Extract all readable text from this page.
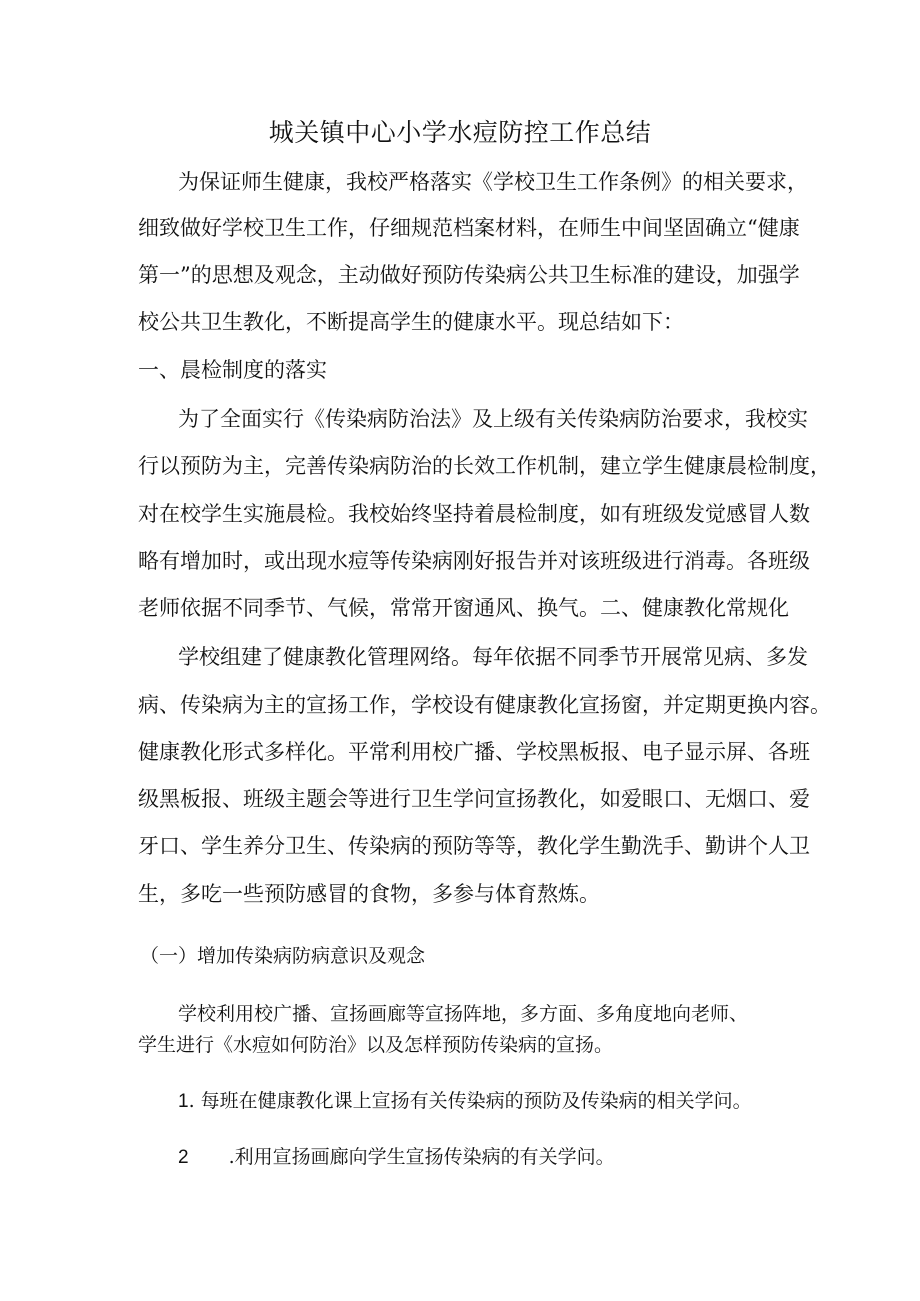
城关镇中心小学水痘防控工作总结
为保证师生健康，我校严格落实《学校卫生工作条例》的相关要求，
细致做好学校卫生工作，仔细规范档案材料，在师生中间坚固确立“健康
第一”的思想及观念，主动做好预防传染病公共卫生标准的建设，加强学
校公共卫生教化，不断提高学生的健康水平。现总结如下：
一、晨检制度的落实
为了全面实行《传染病防治法》及上级有关传染病防治要求，我校实
行以预防为主，完善传染病防治的长效工作机制，建立学生健康晨检制度，
对在校学生实施晨检。我校始终坚持着晨检制度，如有班级发觉感冒人数
略有增加时，或出现水痘等传染病刚好报告并对该班级进行消毒。各班级
老师依据不同季节、气候，常常开窗通风、换气。二、健康教化常规化
学校组建了健康教化管理网络。每年依据不同季节开展常见病、多发
病、传染病为主的宣扬工作，学校设有健康教化宣扬窗，并定期更换内容。
健康教化形式多样化。平常利用校广播、学校黑板报、电子显示屏、各班
级黑板报、班级主题会等进行卫生学问宣扬教化，如爱眼口、无烟口、爱
牙口、学生养分卫生、传染病的预防等等，教化学生勤洗手、勤讲个人卫
生，多吃一些预防感冒的食物，多参与体育熬炼。
（一）增加传染病防病意识及观念
学校利用校广播、宣扬画廊等宣扬阵地，多方面、多角度地向老师、
学生进行《水痘如何防治》以及怎样预防传染病的宣扬。
1. 每班在健康教化课上宣扬有关传染病的预防及传染病的相关学问。
2 .利用宣扬画廊向学生宣扬传染病的有关学问。
